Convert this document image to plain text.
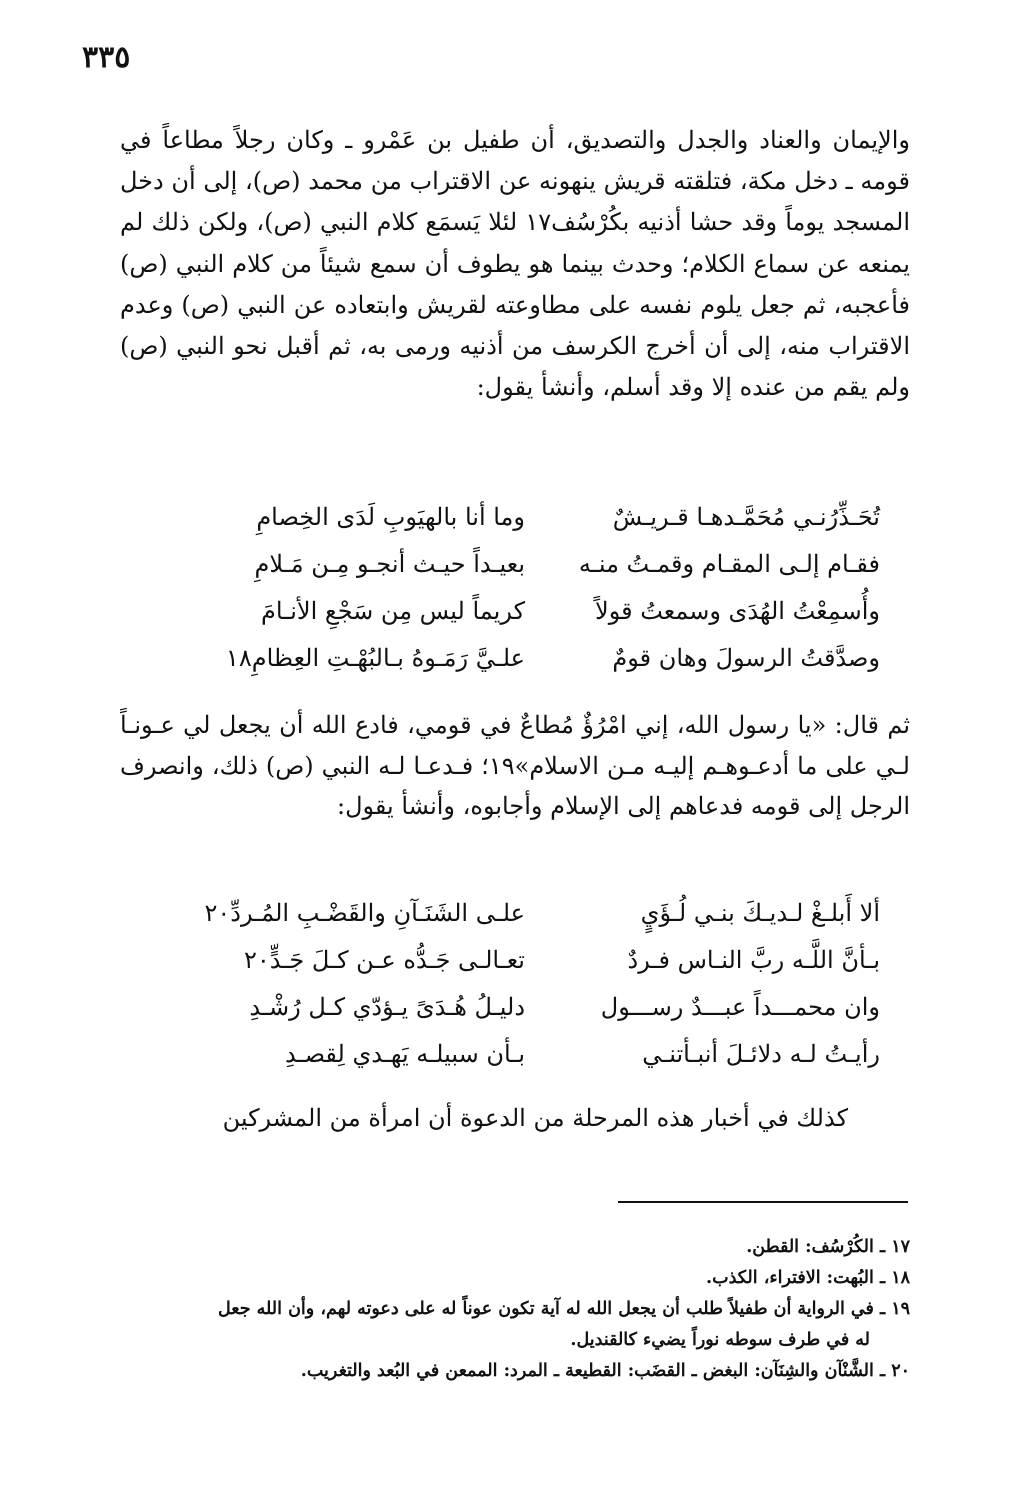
٣٣٥

والإيمان والعناد والجدل والتصديق، أن طفيل بن عَمْرو ـ وكان رجلاً مطاعاً في قومه ـ دخل مكة، فتلقته قريش ينهونه عن الاقتراب من محمد (ص)، إلى أن دخل المسجد يوماً وقد حشا أذنيه بكُرْسُف١٧ لئلا يَسمَع كلام النبي (ص)، ولكن ذلك لم يمنعه عن سماع الكلام؛ وحدث بينما هو يطوف أن سمع شيئاً من كلام النبي (ص) فأعجبه، ثم جعل يلوم نفسه على مطاوعته لقريش وابتعاده عن النبي (ص) وعدم الاقتراب منه، إلى أن أخرج الكرسف من أذنيه ورمى به، ثم أقبل نحو النبي (ص) ولم يقم من عنده إلا وقد أسلم، وأنشأ يقول:

تُحَـذِّرُنـي مُحَمَّـدهـا قـريـشٌ
وما أنا بالهيَوبِ لَدَى الخِصامِ
فقـام إلـى المقـام وقمـتُ منـه
بعيـداً حيـث أنجـو مِـن مَـلامِ
وأُسمِعْتُ الهُدَى وسمعتُ قولاً
كريماً ليس مِن سَجْعِ الأنـامَ
وصدَّقتُ الرسولَ وهان قومٌ
علـيَّ رَمَـوهُ بـالبُهْـتِ العِظامِ١٨
ثم قال: «يا رسول الله، إني امْرُؤٌ مُطاعٌ في قومي، فادع الله أن يجعل لي عـونـاً لـي على ما أدعـوهـم إليـه مـن الاسلام»١٩؛ فـدعـا لـه النبي (ص) ذلك، وانصرف الرجل إلى قومه فدعاهم إلى الإسلام وأجابوه، وأنشأ يقول:
ألا أَبلـغْ لـديـكَ بنـي لُـؤَيٍ
علـى الشَنَـآنِ والقَضْـبِ المُـردِّ٢٠
بـأنَّ اللَّـه ربَّ النـاس فـردٌ
تعـالـى جَـدُّه عـن كـلَ جَـدٍّ٢٠
وان محمـــداً عبـــدٌ رســـول
دليـلُ هُـدَىً يـؤدّي كـل رُشْـدِ
رأيـتُ لـه دلائـلَ أنبـأتنـي
بـأن سبيلـه يَهـدي لِقصـدِ
كذلك في أخبار هذه المرحلة من الدعوة أن امرأة من المشركين

١٧ ـ الكُرْسُف: القطن.

١٨ ـ البُهت: الافتراء، الكذب.

١٩ ـ في الرواية أن طفيلاً طلب أن يجعل الله له آية تكون عوناً له على دعوته لهم، وأن الله جعل

له في طرف سوطه نوراً يضيء كالقنديل.

٢٠ ـ الشَّنْآن والشِنَآن: البغض ـ القضَب: القطيعة ـ المرد: الممعن في البُعد والتغريب.
